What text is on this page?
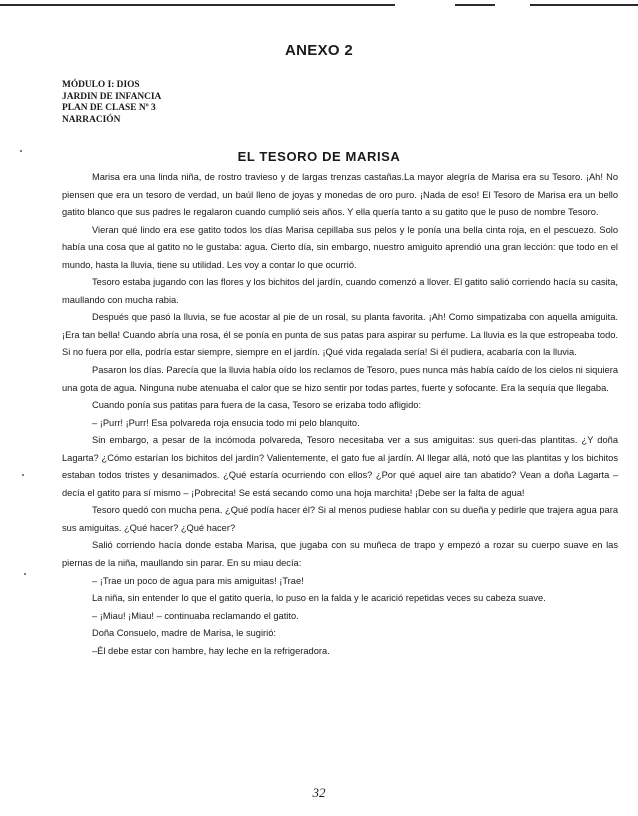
ANEXO 2
MÓDULO I: DIOS
JARDIN DE INFANCIA
PLAN DE CLASE Nº 3
NARRACIÓN
EL TESORO DE MARISA

Marisa era una linda niña, de rostro travieso y de largas trenzas castañas.La mayor alegría de Marisa era su Tesoro. ¡Ah! No piensen que era un tesoro de verdad, un baúl lleno de joyas y monedas de oro puro. ¡Nada de eso! El Tesoro de Marisa era un bello gatito blanco que sus padres le regalaron cuando cumplió seis años. Y ella quería tanto a su gatito que le puso de nombre Tesoro.

Vieran qué lindo era ese gatito todos los días Marisa cepillaba sus pelos y le ponía una bella cinta roja, en el pescuezo. Solo había una cosa que al gatito no le gustaba: agua. Cierto día, sin embargo, nuestro amiguito aprendió una gran lección: que todo en el mundo, hasta la lluvia, tiene su utilidad. Les voy a contar lo que ocurrió.

Tesoro estaba jugando con las flores y los bichitos del jardín, cuando comenzó a llover. El gatito salió corriendo hacía su casita, maullando con mucha rabia.

Después que pasó la lluvia, se fue acostar al pie de un rosal, su planta favorita. ¡Ah! Como simpatizaba con aquella amiguita.¡Era tan bella! Cuando abría una rosa, él se ponía en punta de sus patas para aspirar su perfume. La lluvia es la que estropeaba todo. Si no fuera por ella, podría estar siempre, siempre en el jardín. ¡Qué vida regalada sería! Si él pudiera, acabaría con la lluvia.

Pasaron los días. Parecía que la lluvia había oído los reclamos de Tesoro, pues nunca más había caído de los cielos ni siquiera una gota de agua. Ninguna nube atenuaba el calor que se hizo sentir por todas partes, fuerte y sofocante. Era la sequía que llegaba.

Cuando ponía sus patitas para fuera de la casa, Tesoro se erizaba todo afligido:

– ¡Purr! ¡Purr! Esa polvareda roja ensucia todo mi pelo blanquito.

Sin embargo, a pesar de la incómoda polvareda, Tesoro necesitaba ver a sus amiguitas: sus queri-das plantitas. ¿Y doña Lagarta? ¿Cómo estarían los bichitos del jardín? Valientemente, el gato fue al jardín. Al llegar allá, notó que las plantitas y los bichitos estaban todos tristes y desanimados. ¿Qué estaría ocurriendo con ellos? ¿Por qué aquel aire tan abatido? Vean a doña Lagarta – decía el gatito para sí mismo – ¡Pobrecita! Se está secando como una hoja marchita! ¡Debe ser la falta de agua!

Tesoro quedó con mucha pena. ¿Qué podía hacer él? Si al menos pudiese hablar con su dueña y pedirle que trajera agua para sus amiguitas. ¿Qué hacer? ¿Qué hacer?

Salió corriendo hacía donde estaba Marisa, que jugaba con su muñeca de trapo y empezó a rozar su cuerpo suave en las piernas de la niña, maullando sin parar. En su miau decía:

– ¡Trae un poco de agua para mis amiguitas! ¡Trae!

La niña, sin entender lo que el gatito quería, lo puso en la falda y le acarició repetidas veces su cabeza suave.

– ¡Miau! ¡Miau! – continuaba reclamando el gatito.

Doña Consuelo, madre de Marisa, le sugirió:

–Él debe estar con hambre, hay leche en la refrigeradora.

32
